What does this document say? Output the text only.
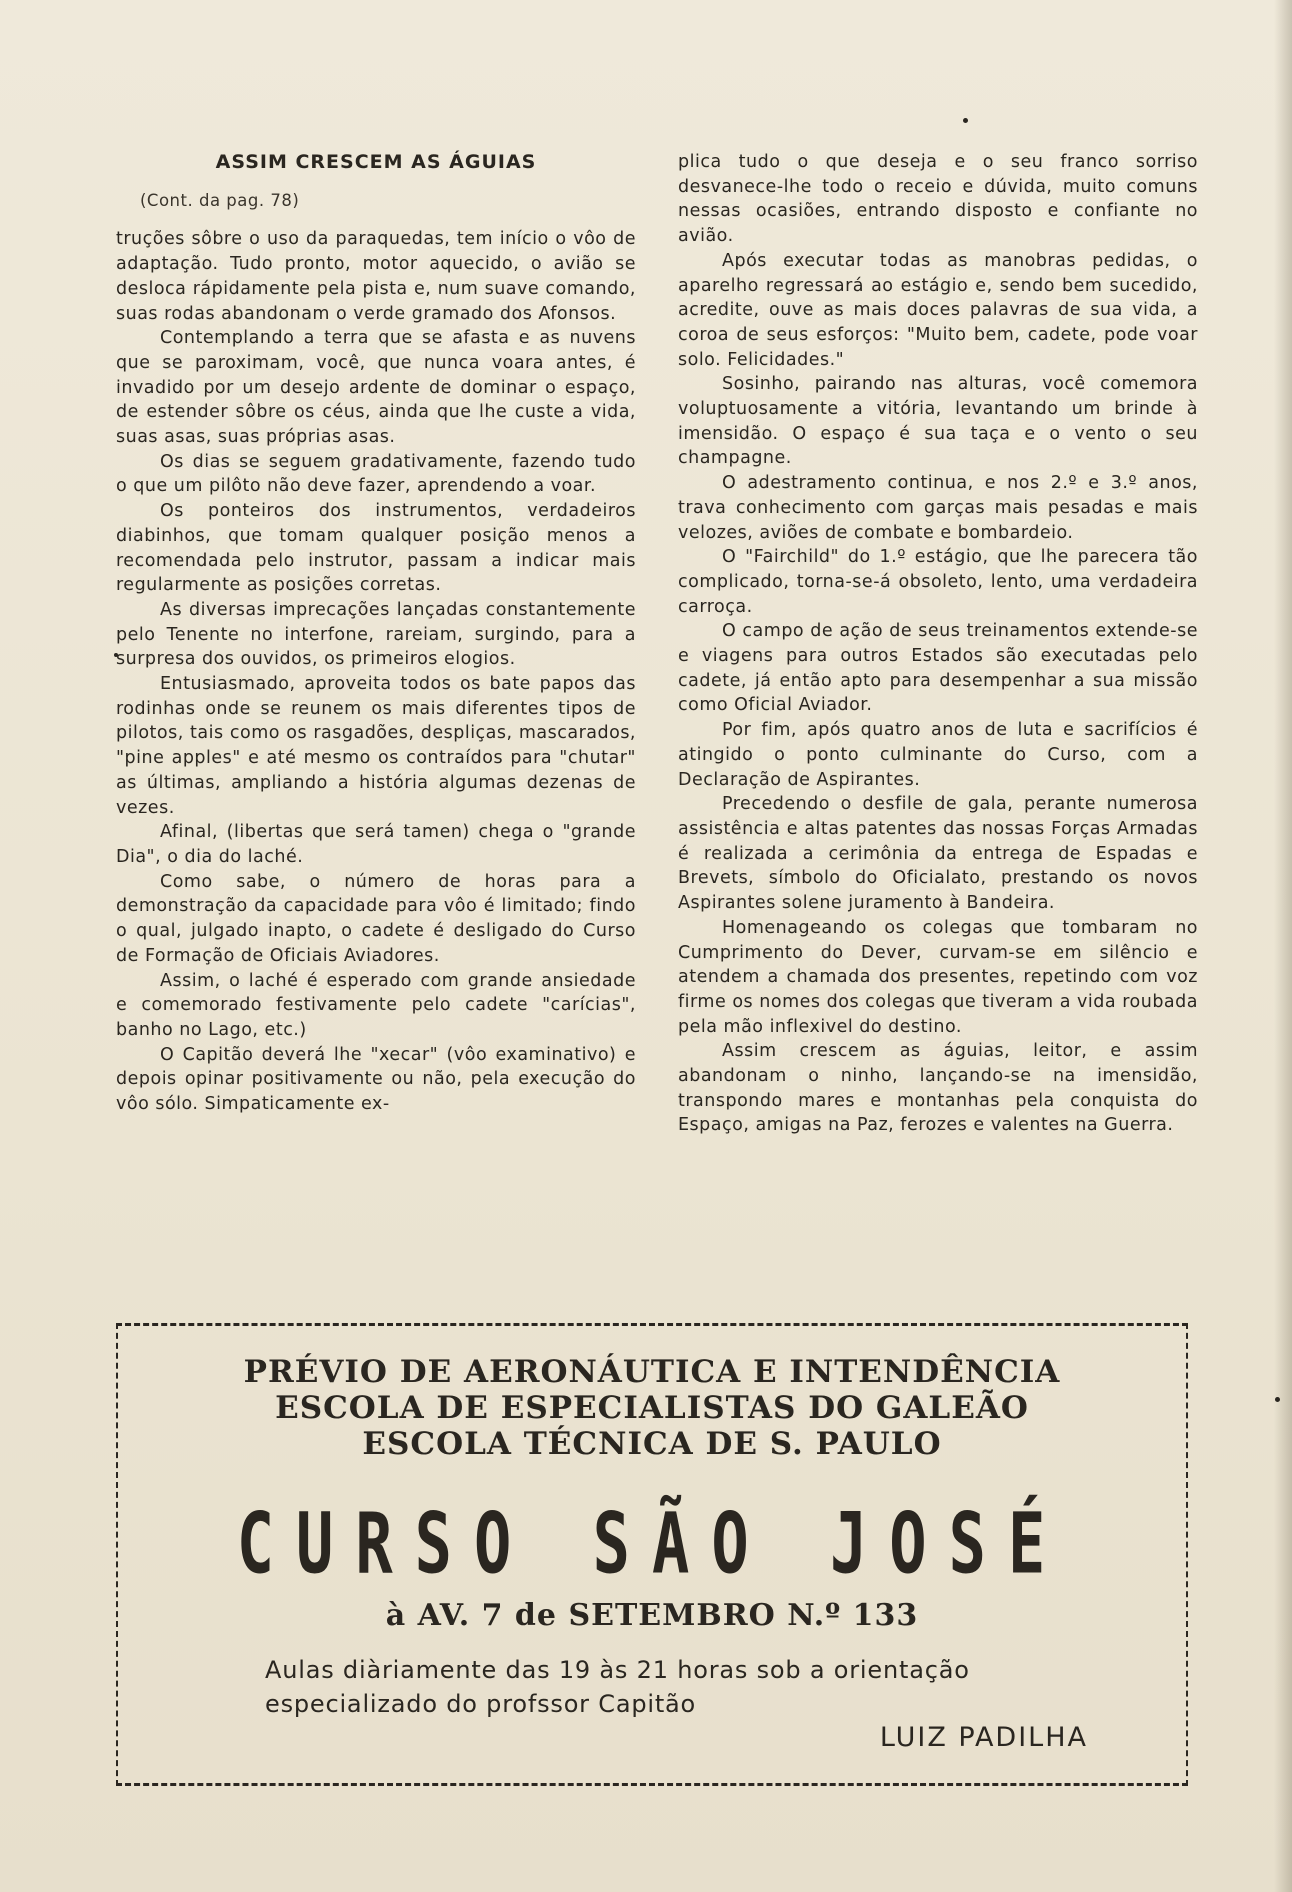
ASSIM CRESCEM AS ÁGUIAS
(Cont. da pag. 78)

truções sôbre o uso da paraquedas, tem início o vôo de adaptação. Tudo pronto, motor aquecido, o avião se desloca rápidamente pela pista e, num suave comando, suas rodas abandonam o verde gramado dos Afonsos.

Contemplando a terra que se afasta e as nuvens que se paroximam, você, que nunca voara antes, é invadido por um desejo ardente de dominar o espaço, de estender sôbre os céus, ainda que lhe custe a vida, suas asas, suas próprias asas.

Os dias se seguem gradativamente, fazendo tudo o que um pilôto não deve fazer, aprendendo a voar.

Os ponteiros dos instrumentos, verdadeiros diabinhos, que tomam qualquer posição menos a recomendada pelo instrutor, passam a indicar mais regularmente as posições corretas.

As diversas imprecações lançadas constantemente pelo Tenente no interfone, rareiam, surgindo, para a surpresa dos ouvidos, os primeiros elogios.

Entusiasmado, aproveita todos os bate papos das rodinhas onde se reunem os mais diferentes tipos de pilotos, tais como os rasgadões, despliças, mascarados, "pine apples" e até mesmo os contraídos para "chutar" as últimas, ampliando a história algumas dezenas de vezes.

Afinal, (libertas que será tamen) chega o "grande Dia", o dia do laché.

Como sabe, o número de horas para a demonstração da capacidade para vôo é limitado; findo o qual, julgado inapto, o cadete é desligado do Curso de Formação de Oficiais Aviadores.

Assim, o laché é esperado com grande ansiedade e comemorado festivamente pelo cadete "carícias", banho no Lago, etc.)

O Capitão deverá lhe "xecar" (vôo examinativo) e depois opinar positivamente ou não, pela execução do vôo sólo. Simpaticamente ex-

plica tudo o que deseja e o seu franco sorriso desvanece-lhe todo o receio e dúvida, muito comuns nessas ocasiões, entrando disposto e confiante no avião.

Após executar todas as manobras pedidas, o aparelho regressará ao estágio e, sendo bem sucedido, acredite, ouve as mais doces palavras de sua vida, a coroa de seus esforços: "Muito bem, cadete, pode voar solo. Felicidades."

Sosinho, pairando nas alturas, você comemora voluptuosamente a vitória, levantando um brinde à imensidão. O espaço é sua taça e o vento o seu champagne.

O adestramento continua, e nos 2.º e 3.º anos, trava conhecimento com garças mais pesadas e mais velozes, aviões de combate e bombardeio.

O "Fairchild" do 1.º estágio, que lhe parecera tão complicado, torna-se-á obsoleto, lento, uma verdadeira carroça.

O campo de ação de seus treinamentos extende-se e viagens para outros Estados são executadas pelo cadete, já então apto para desempenhar a sua missão como Oficial Aviador.

Por fim, após quatro anos de luta e sacrifícios é atingido o ponto culminante do Curso, com a Declaração de Aspirantes.

Precedendo o desfile de gala, perante numerosa assistência e altas patentes das nossas Forças Armadas é realizada a cerimônia da entrega de Espadas e Brevets, símbolo do Oficialato, prestando os novos Aspirantes solene juramento à Bandeira.

Homenageando os colegas que tombaram no Cumprimento do Dever, curvam-se em silêncio e atendem a chamada dos presentes, repetindo com voz firme os nomes dos colegas que tiveram a vida roubada pela mão inflexivel do destino.

Assim crescem as águias, leitor, e assim abandonam o ninho, lançando-se na imensidão, transpondo mares e montanhas pela conquista do Espaço, amigas na Paz, ferozes e valentes na Guerra.

PRÉVIO DE AERONÁUTICA E INTENDÊNCIA
ESCOLA DE ESPECIALISTAS DO GALEÃO
ESCOLA TÉCNICA DE S. PAULO
CURSO SÃO JOSÉ
à AV. 7 de SETEMBRO N.º 133
Aulas diàriamente das 19 às 21 horas sob a orientação
especializado do profssor Capitão
LUIZ PADILHA
